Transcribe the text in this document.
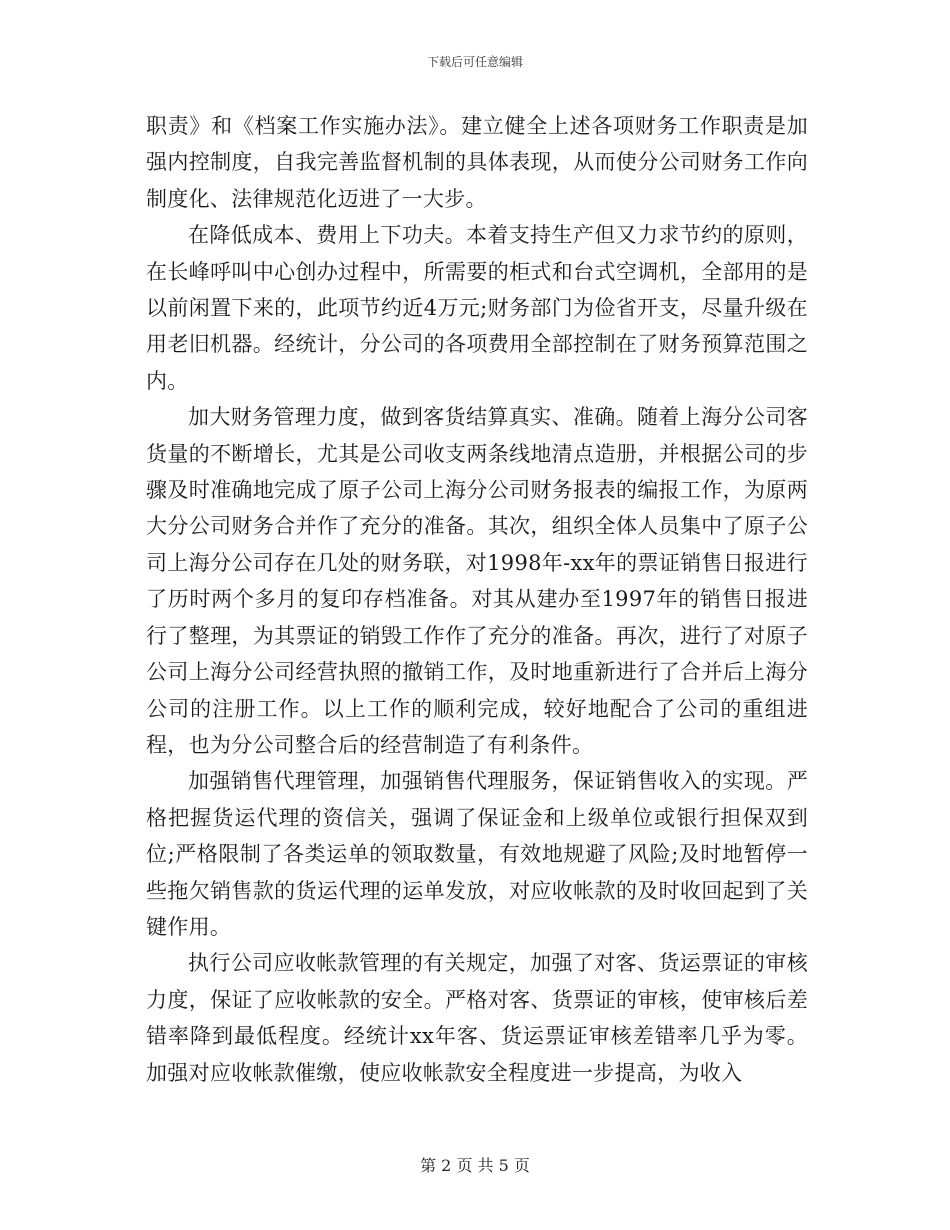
下载后可任意编辑

职责》和《档案工作实施办法》。建立健全上述各项财务工作职责是加强内控制度，自我完善监督机制的具体表现，从而使分公司财务工作向制度化、法律规范化迈进了一大步。

在降低成本、费用上下功夫。本着支持生产但又力求节约的原则，在长峰呼叫中心创办过程中，所需要的柜式和台式空调机，全部用的是以前闲置下来的，此项节约近4万元;财务部门为俭省开支，尽量升级在用老旧机器。经统计，分公司的各项费用全部控制在了财务预算范围之内。

加大财务管理力度，做到客货结算真实、准确。随着上海分公司客货量的不断增长，尤其是公司收支两条线地清点造册，并根据公司的步骤及时准确地完成了原子公司上海分公司财务报表的编报工作，为原两大分公司财务合并作了充分的准备。其次，组织全体人员集中了原子公司上海分公司存在几处的财务联，对1998年-xx年的票证销售日报进行了历时两个多月的复印存档准备。对其从建办至1997年的销售日报进行了整理，为其票证的销毁工作作了充分的准备。再次，进行了对原子公司上海分公司经营执照的撤销工作，及时地重新进行了合并后上海分公司的注册工作。以上工作的顺利完成，较好地配合了公司的重组进程，也为分公司整合后的经营制造了有利条件。

加强销售代理管理，加强销售代理服务，保证销售收入的实现。严格把握货运代理的资信关，强调了保证金和上级单位或银行担保双到位;严格限制了各类运单的领取数量，有效地规避了风险;及时地暂停一些拖欠销售款的货运代理的运单发放，对应收帐款的及时收回起到了关键作用。

执行公司应收帐款管理的有关规定，加强了对客、货运票证的审核力度，保证了应收帐款的安全。严格对客、货票证的审核，使审核后差错率降到最低程度。经统计xx年客、货运票证审核差错率几乎为零。加强对应收帐款催缴，使应收帐款安全程度进一步提高，为收入

第 2 页 共 5 页
